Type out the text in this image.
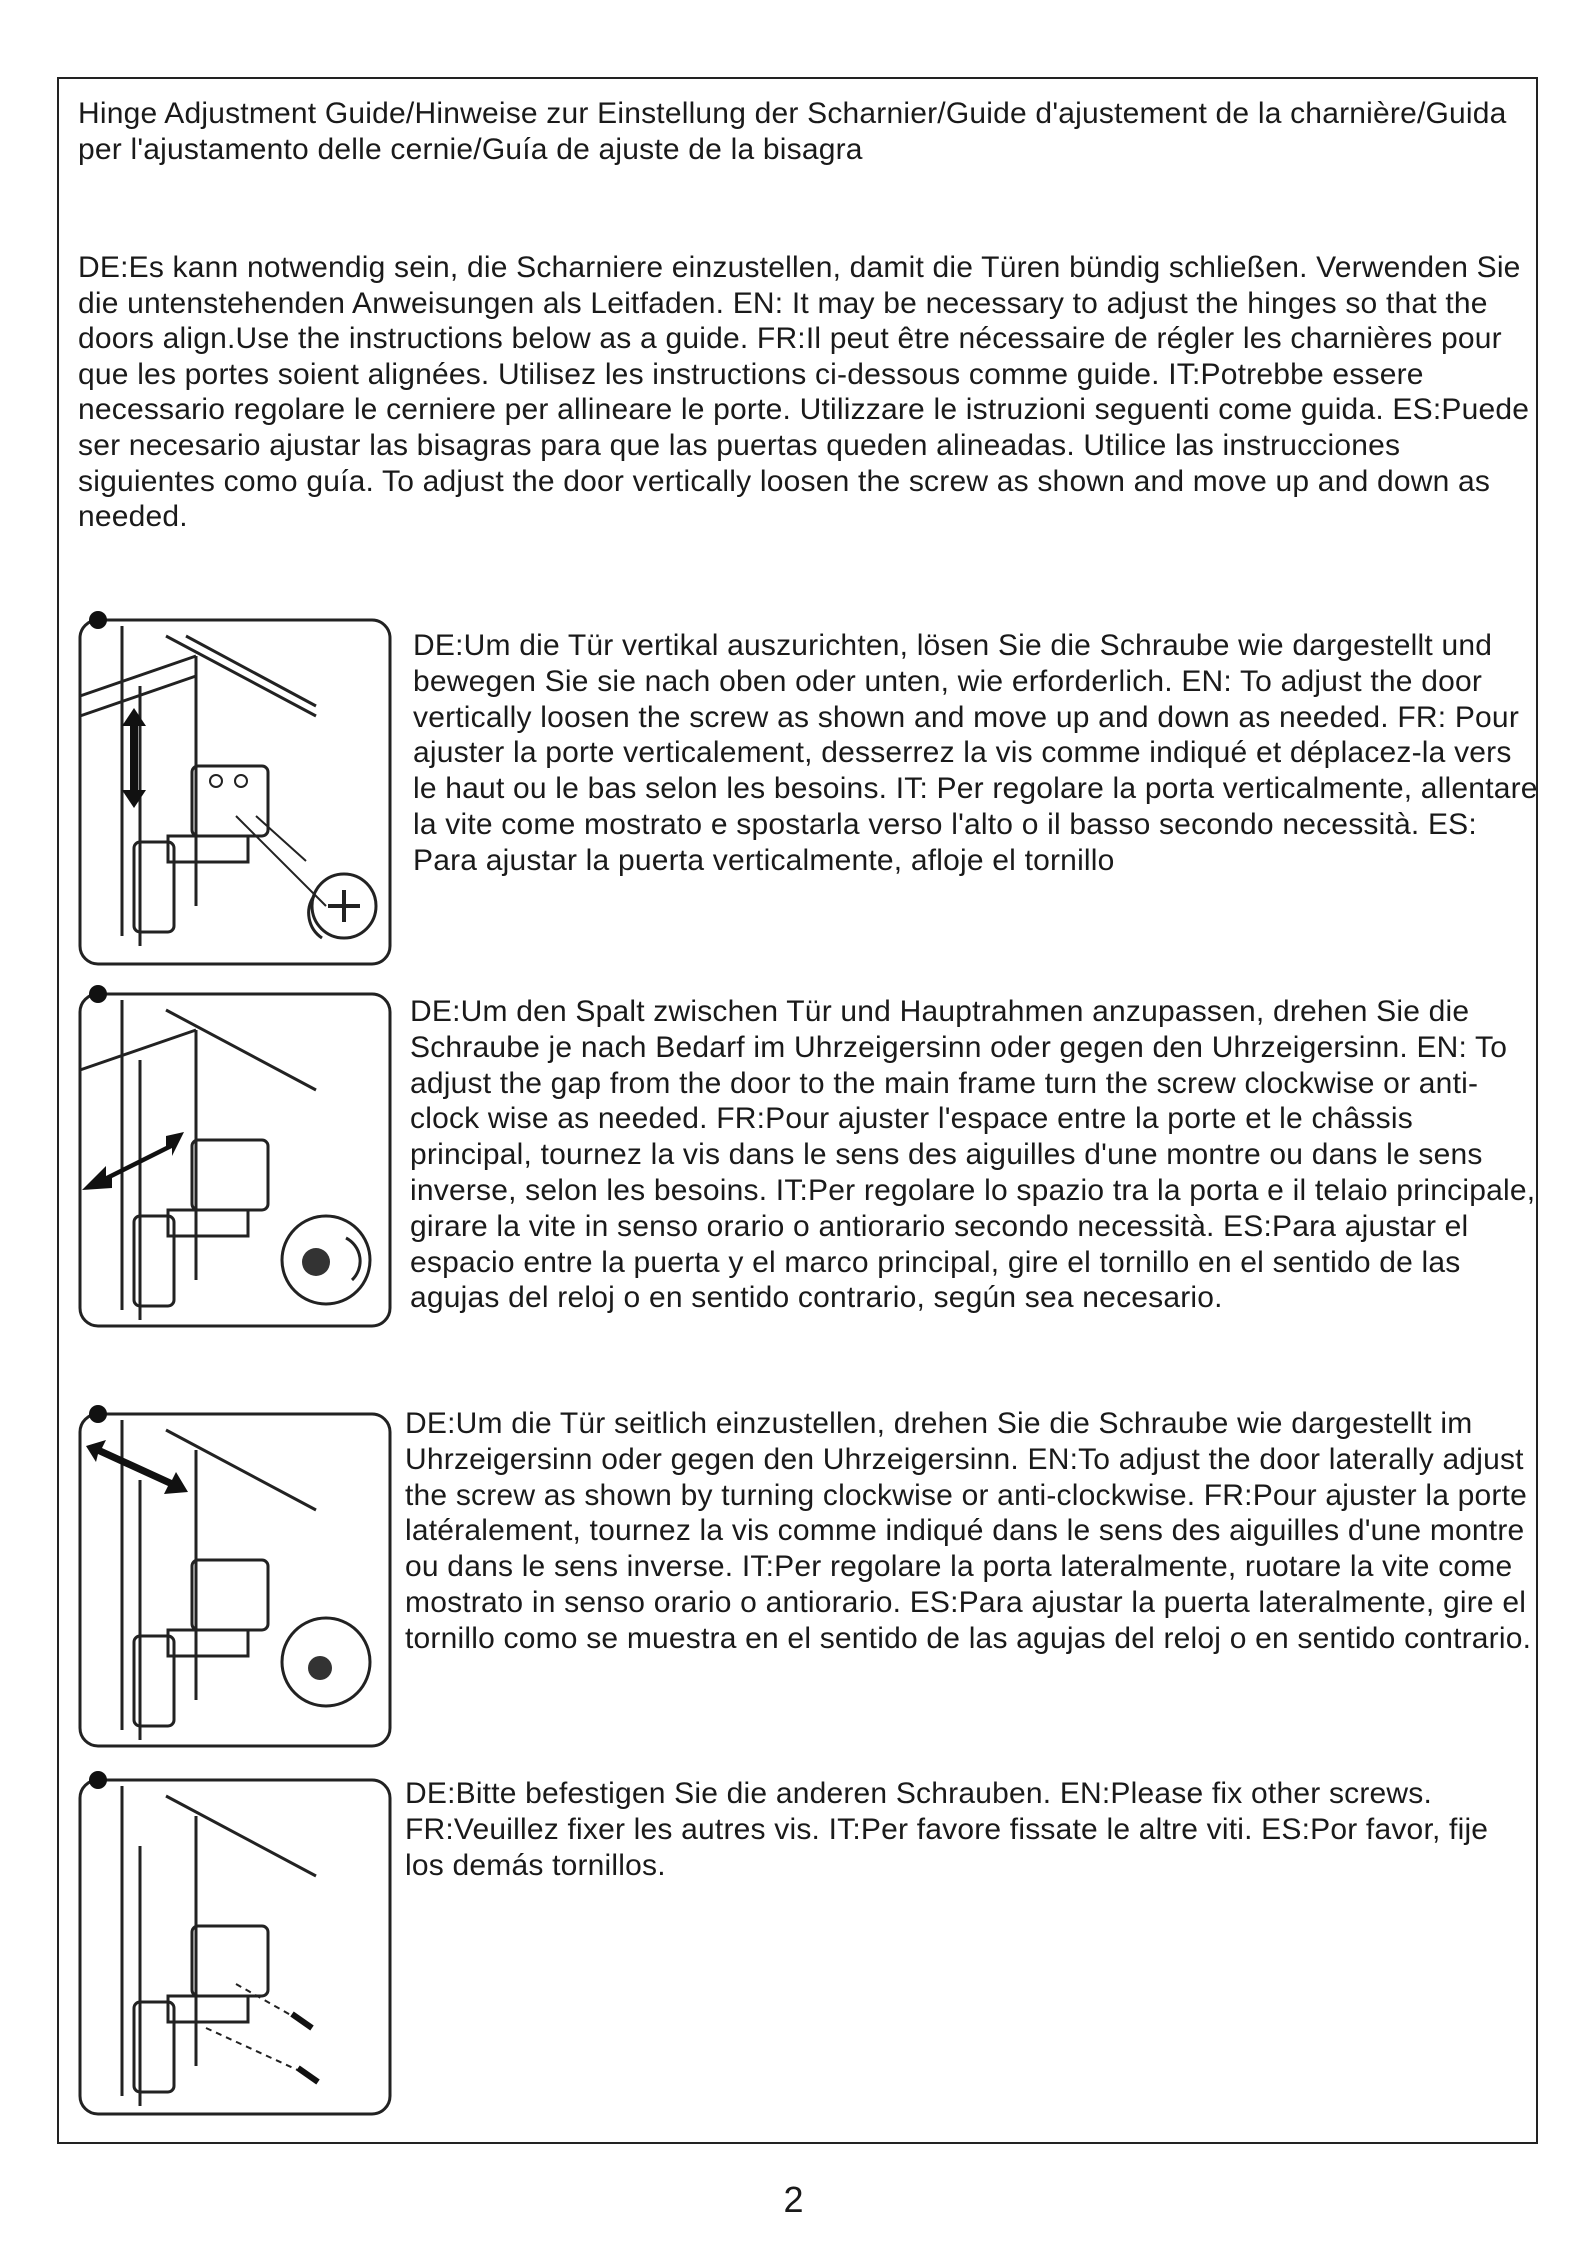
Hinge Adjustment Guide/Hinweise zur Einstellung der Scharnier/Guide d'ajustement de la charnière/Guida per l'ajustamento delle cernie/Guía de ajuste de la bisagra
DE:Es kann notwendig sein, die Scharniere einzustellen, damit die Türen bündig schließen. Verwenden Sie die untenstehenden Anweisungen als Leitfaden. EN: It may be necessary to adjust the hinges so that the doors align.Use the instructions below as a guide. FR:Il peut être nécessaire de régler les charnières pour que les portes soient alignées. Utilisez les instructions ci-dessous comme guide. IT:Potrebbe essere necessario regolare le cerniere per allineare le porte. Utilizzare le istruzioni seguenti come guida. ES:Puede ser necesario ajustar las bisagras para que las puertas queden alineadas. Utilice las instrucciones siguientes como guía. To adjust the door vertically loosen the screw as shown and move up and down as needed.
DE:Um die Tür vertikal auszurichten, lösen Sie die Schraube wie dargestellt und bewegen Sie sie nach oben oder unten, wie erforderlich. EN: To adjust the door vertically loosen the screw as shown and move up and down as needed. FR: Pour ajuster la porte verticalement, desserrez la vis comme indiqué et déplacez-la vers le haut ou le bas selon les besoins. IT: Per regolare la porta verticalmente, allentare la vite come mostrato e spostarla verso l'alto o il basso secondo necessità. ES: Para ajustar la puerta verticalmente, afloje el tornillo
DE:Um den Spalt zwischen Tür und Hauptrahmen anzupassen, drehen Sie die Schraube je nach Bedarf im Uhrzeigersinn oder gegen den Uhrzeigersinn. EN: To adjust the gap from the door to the main frame turn the screw clockwise or anti-clock wise as needed. FR:Pour ajuster l'espace entre la porte et le châssis principal, tournez la vis dans le sens des aiguilles d'une montre ou dans le sens inverse, selon les besoins. IT:Per regolare lo spazio tra la porta e il telaio principale, girare la vite in senso orario o antiorario secondo necessità. ES:Para ajustar el espacio entre la puerta y el marco principal, gire el tornillo en el sentido de las agujas del reloj o en sentido contrario, según sea necesario.
DE:Um die Tür seitlich einzustellen, drehen Sie die Schraube wie dargestellt im Uhrzeigersinn oder gegen den Uhrzeigersinn. EN:To adjust the door laterally adjust the screw as shown by turning clockwise or anti-clockwise. FR:Pour ajuster la porte latéralement, tournez la vis comme indiqué dans le sens des aiguilles d'une montre ou dans le sens inverse. IT:Per regolare la porta lateralmente, ruotare la vite come mostrato in senso orario o antiorario. ES:Para ajustar la puerta lateralmente, gire el tornillo como se muestra en el sentido de las agujas del reloj o en sentido contrario.
DE:Bitte befestigen Sie die anderen Schrauben. EN:Please fix other screws. FR:Veuillez fixer les autres vis. IT:Per favore fissate le altre viti. ES:Por favor, fije los demás tornillos.
2
